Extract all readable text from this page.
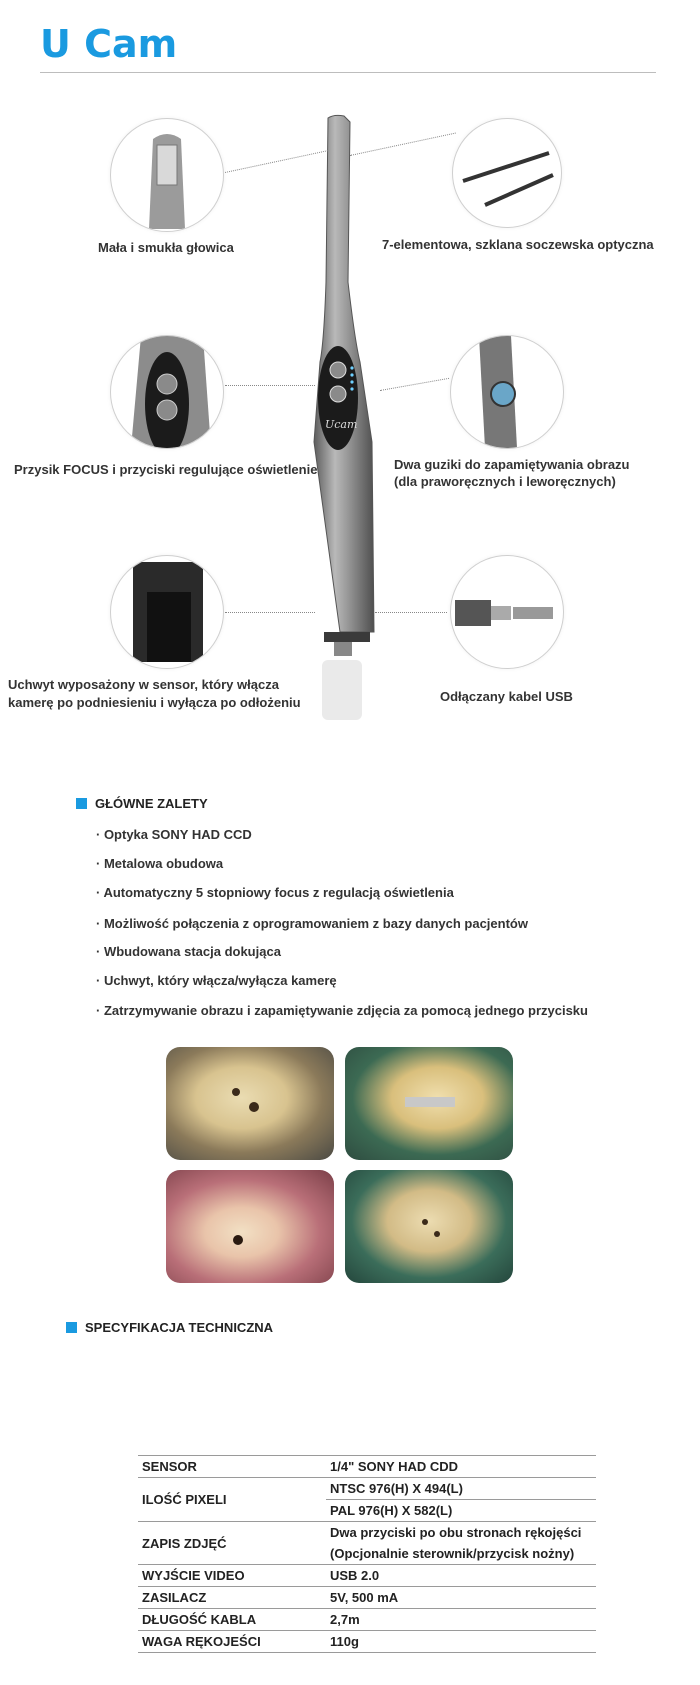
U Cam
Ucam
Mała i smukła głowica	7-elementowa, szklana soczewska optyczna
Przysik FOCUS i przyciski regulujące oświetlenie	Dwa guziki do zapamiętywania obrazu
(dla praworęcznych i leworęcznych)
Uchwyt wyposażony w sensor, który włącza
kamerę po podniesieniu i wyłącza po odłożeniu	Odłączany kabel USB
GŁÓWNE ZALETY
· Optyka SONY HAD CCD
· Metalowa obudowa
· Automatyczny 5 stopniowy focus z regulacją oświetlenia
· Możliwość połączenia z oprogramowaniem z bazy danych pacjentów
· Wbudowana stacja dokująca
· Uchwyt, który włącza/wyłącza kamerę
· Zatrzymywanie obrazu i zapamiętywanie zdjęcia za pomocą jednego przycisku
SPECYFIKACJA TECHNICZNA
SENSOR	1/4" SONY HAD CDD
ILOŚĆ PIXELI	NTSC 976(H) X 494(L)
	PAL 976(H) X 582(L)
ZAPIS ZDJĘĆ	Dwa przyciski po obu stronach rękojęści
	(Opcjonalnie sterownik/przycisk nożny)
WYJŚCIE VIDEO	USB 2.0
ZASILACZ	5V, 500 mA
DŁUGOŚĆ KABLA	2,7m
WAGA RĘKOJEŚCI	110g
